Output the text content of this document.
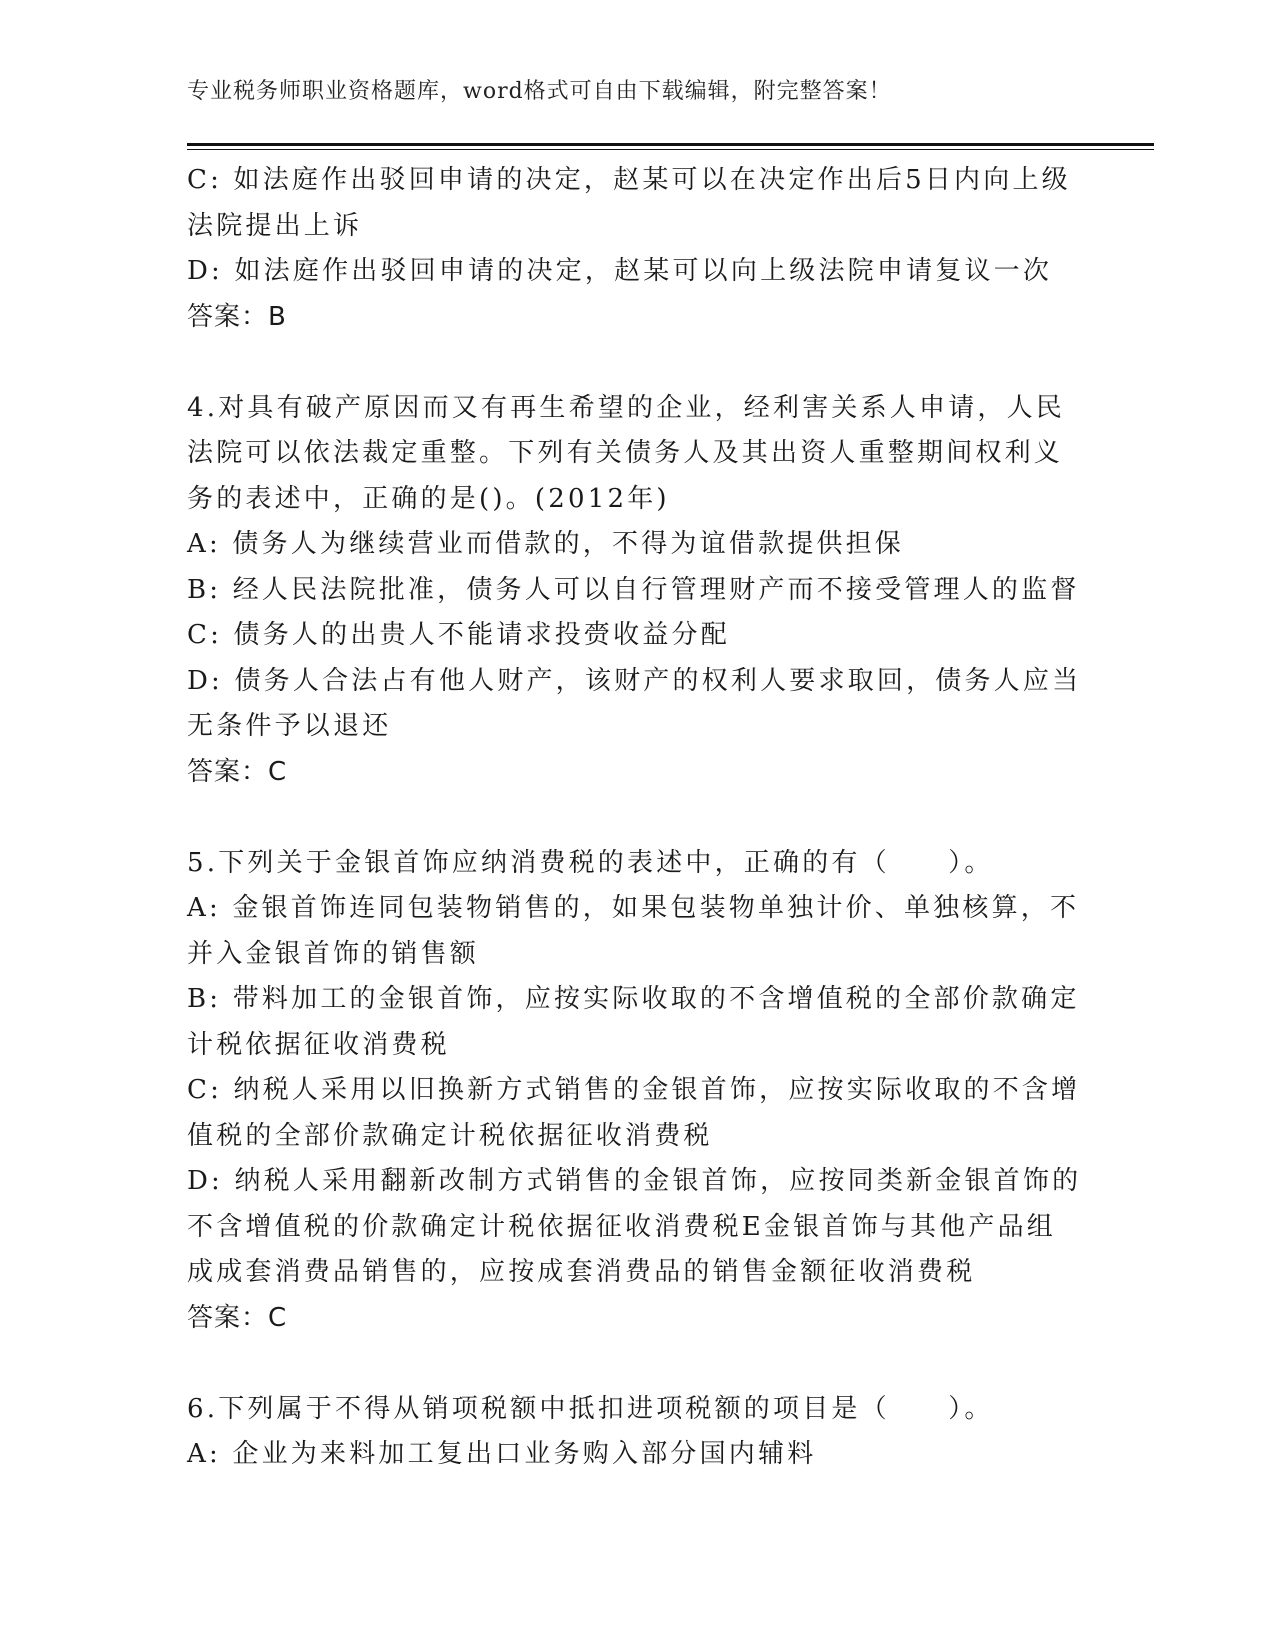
专业税务师职业资格题库，word格式可自由下载编辑，附完整答案！
C: 如法庭作出驳回申请的决定，赵某可以在决定作出后5日内向上级
法院提出上诉
D: 如法庭作出驳回申请的决定，赵某可以向上级法院申请复议一次
答案：B
4.对具有破产原因而又有再生希望的企业，经利害关系人申请，人民
法院可以依法裁定重整。下列有关债务人及其出资人重整期间权利义
务的表述中，正确的是()。(2012年)
A: 债务人为继续营业而借款的，不得为谊借款提供担保
B: 经人民法院批准，债务人可以自行管理财产而不接受管理人的监督
C: 债务人的出贵人不能请求投赍收益分配
D: 债务人合法占有他人财产，该财产的权利人要求取回，债务人应当
无条件予以退还
答案：C
5.下列关于金银首饰应纳消费税的表述中，正确的有（　　）。
A: 金银首饰连同包装物销售的，如果包装物单独计价、单独核算，不
并入金银首饰的销售额
B: 带料加工的金银首饰，应按实际收取的不含增值税的全部价款确定
计税依据征收消费税
C: 纳税人采用以旧换新方式销售的金银首饰，应按实际收取的不含增
值税的全部价款确定计税依据征收消费税
D: 纳税人采用翻新改制方式销售的金银首饰，应按同类新金银首饰的
不含增值税的价款确定计税依据征收消费税E金银首饰与其他产品组
成成套消费品销售的，应按成套消费品的销售金额征收消费税
答案：C
6.下列属于不得从销项税额中抵扣进项税额的项目是（　　）。
A: 企业为来料加工复出口业务购入部分国内辅料
